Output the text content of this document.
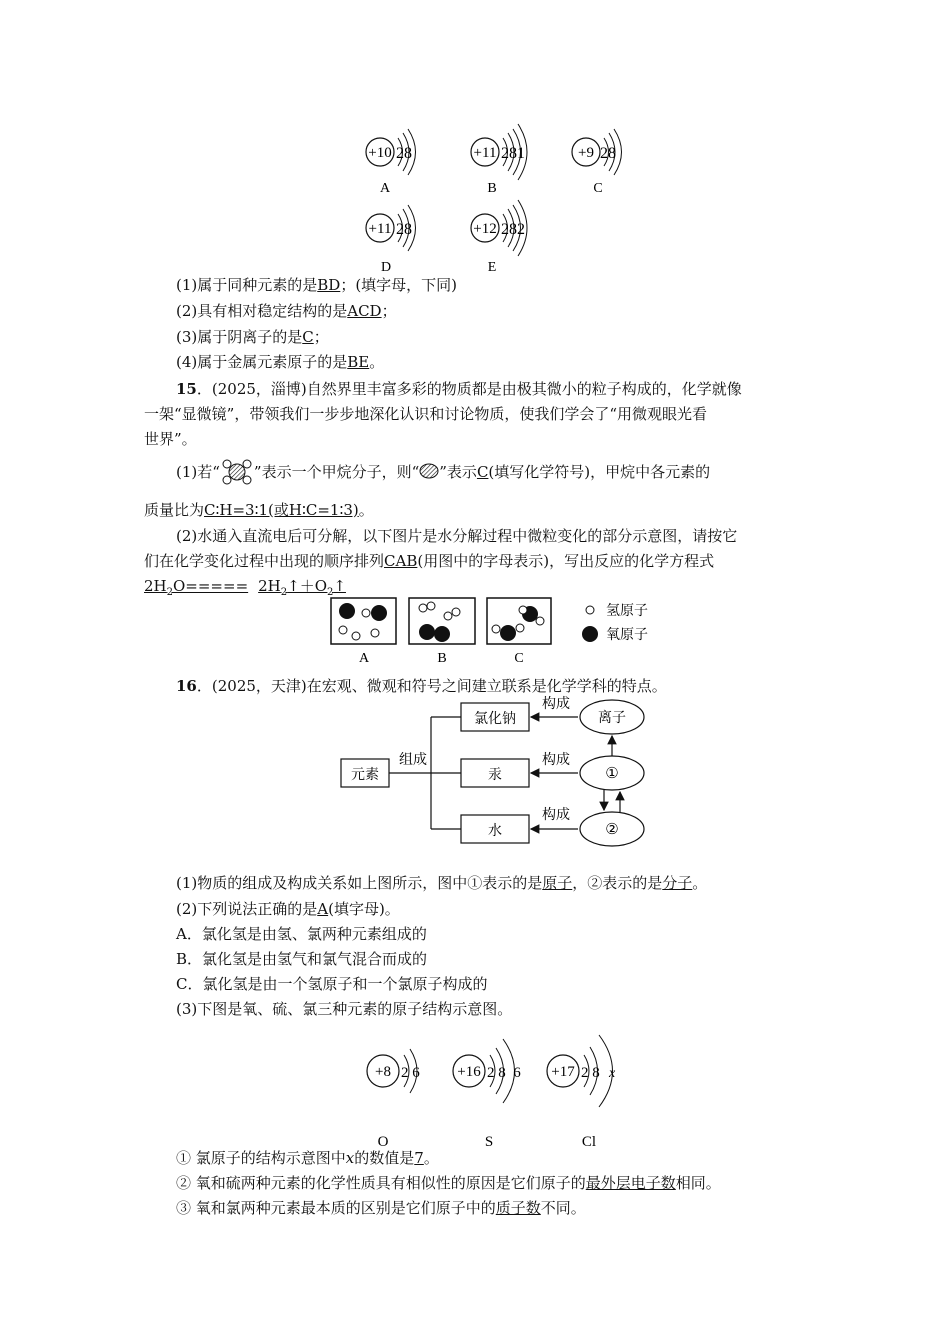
+10 28
A
+11 281
B
+9 28
C
+11 28
D
+12 282
E
(1)属于同种元素的是BD；(填字母，下同)
(2)具有相对稳定结构的是ACD；
(3)属于阴离子的是C；
(4)属于金属元素原子的是BE。
15．(2025，淄博)自然界里丰富多彩的物质都是由极其微小的粒子构成的，化学就像
一架“显微镜”，带领我们一步步地深化认识和讨论物质，使我们学会了“用微观眼光看
世界”。
(1)若“ ”表示一个甲烷分子，则“ ”表示C(填写化学符号)，甲烷中各元素的
质量比为C∶H=3∶1(或H∶C=1∶3)。
(2)水通入直流电后可分解，以下图片是水分解过程中微粒变化的部分示意图，请按它
们在化学变化过程中出现的顺序排列CAB(用图中的字母表示)，写出反应的化学方程式
$2H_2O=====$ $2H_2↑+O_2↑$
A	B	C
氢原子
氧原子
16．(2025，天津)在宏观、微观和符号之间建立联系是化学学科的特点。
元素
组成
氯化钠
汞
水
构成
构成
构成
离子
①
②
(1)物质的组成及构成关系如上图所示，图中①表示的是原子，②表示的是分子。
(2)下列说法正确的是A(填字母)。
A．氯化氢是由氢、氯两种元素组成的
B．氯化氢是由氢气和氯气混合而成的
C．氯化氢是由一个氢原子和一个氯原子构成的
(3)下图是氧、硫、氯三种元素的原子结构示意图。
+8 2 6
O
+16 2 8  6
S
+17 2 8 x
Cl
① 氯原子的结构示意图中x的数值是7。
② 氧和硫两种元素的化学性质具有相似性的原因是它们原子的最外层电子数相同。
③ 氧和氯两种元素最本质的区别是它们原子中的质子数不同。
